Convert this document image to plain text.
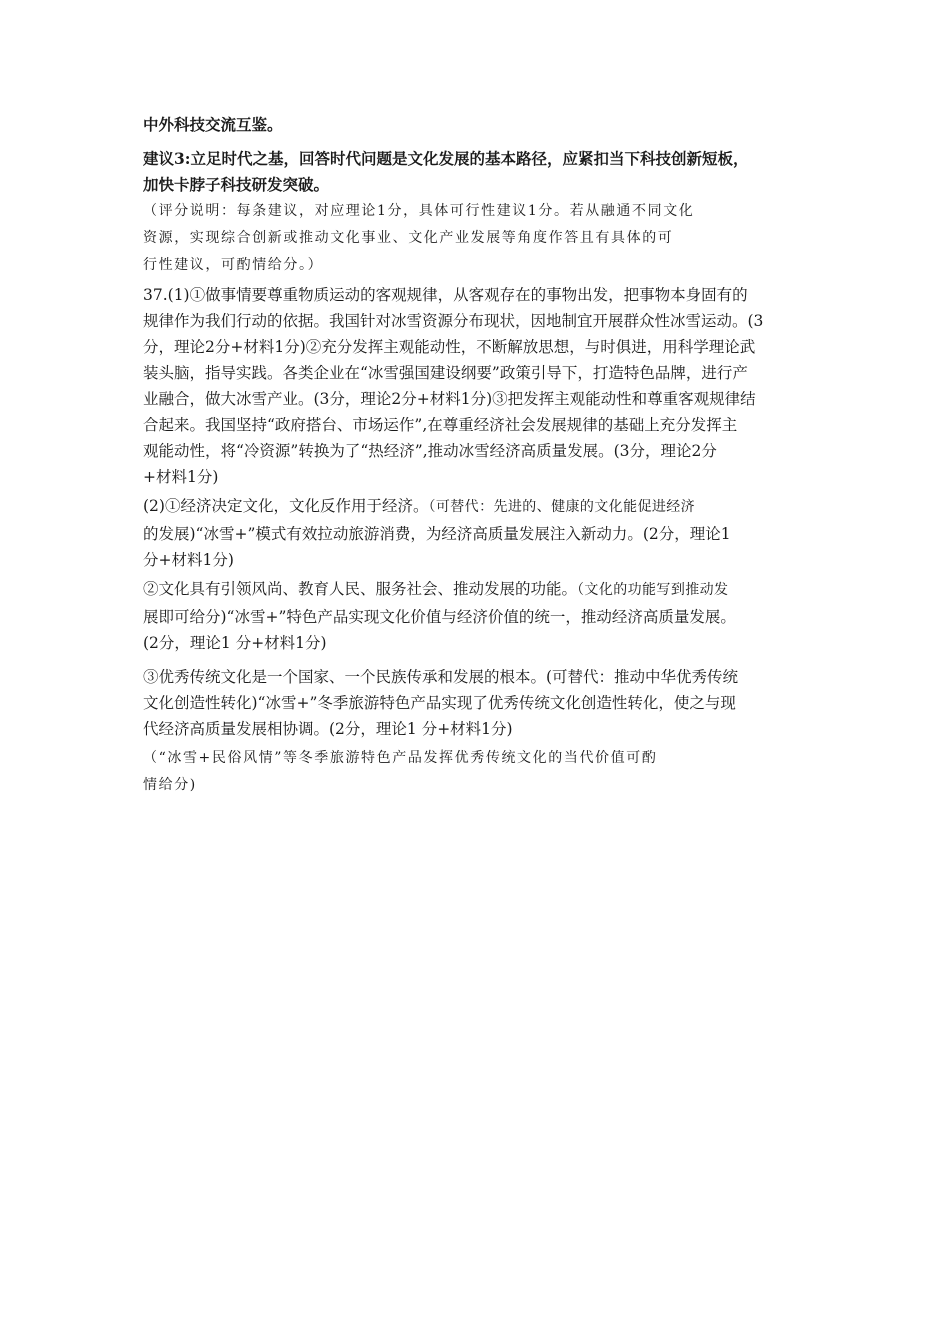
中外科技交流互鉴。
建议3:立足时代之基，回答时代问题是文化发展的基本路径，应紧扣当下科技创新短板，
加快卡脖子科技研发突破。
（评分说明：每条建议，对应理论1分，具体可行性建议1分。若从融通不同文化
资源，实现综合创新或推动文化事业、文化产业发展等角度作答且有具体的可
行性建议，可酌情给分。）
37.(1)①做事情要尊重物质运动的客观规律，从客观存在的事物出发，把事物本身固有的
规律作为我们行动的依据。我国针对冰雪资源分布现状，因地制宜开展群众性冰雪运动。(3
分，理论2分+材料1分)②充分发挥主观能动性，不断解放思想，与时俱进，用科学理论武
装头脑，指导实践。各类企业在“冰雪强国建设纲要”政策引导下，打造特色品牌，进行产
业融合，做大冰雪产业。(3分，理论2分+材料1分)③把发挥主观能动性和尊重客观规律结
合起来。我国坚持“政府搭台、市场运作”,在尊重经济社会发展规律的基础上充分发挥主
观能动性，将“冷资源”转换为了“热经济”,推动冰雪经济高质量发展。(3分，理论2分
+材料1分)
(2)①经济决定文化，文化反作用于经济。（可替代：先进的、健康的文化能促进经济
的发展)“冰雪+”模式有效拉动旅游消费，为经济高质量发展注入新动力。(2分，理论1
分+材料1分)
②文化具有引领风尚、教育人民、服务社会、推动发展的功能。（文化的功能写到推动发
展即可给分)“冰雪+”特色产品实现文化价值与经济价值的统一，推动经济高质量发展。
(2分，理论1 分+材料1分)
③优秀传统文化是一个国家、一个民族传承和发展的根本。(可替代：推动中华优秀传统
文化创造性转化)“冰雪+”冬季旅游特色产品实现了优秀传统文化创造性转化，使之与现
代经济高质量发展相协调。(2分，理论1 分+材料1分)
（“冰雪+民俗风情”等冬季旅游特色产品发挥优秀传统文化的当代价值可酌
情给分)
